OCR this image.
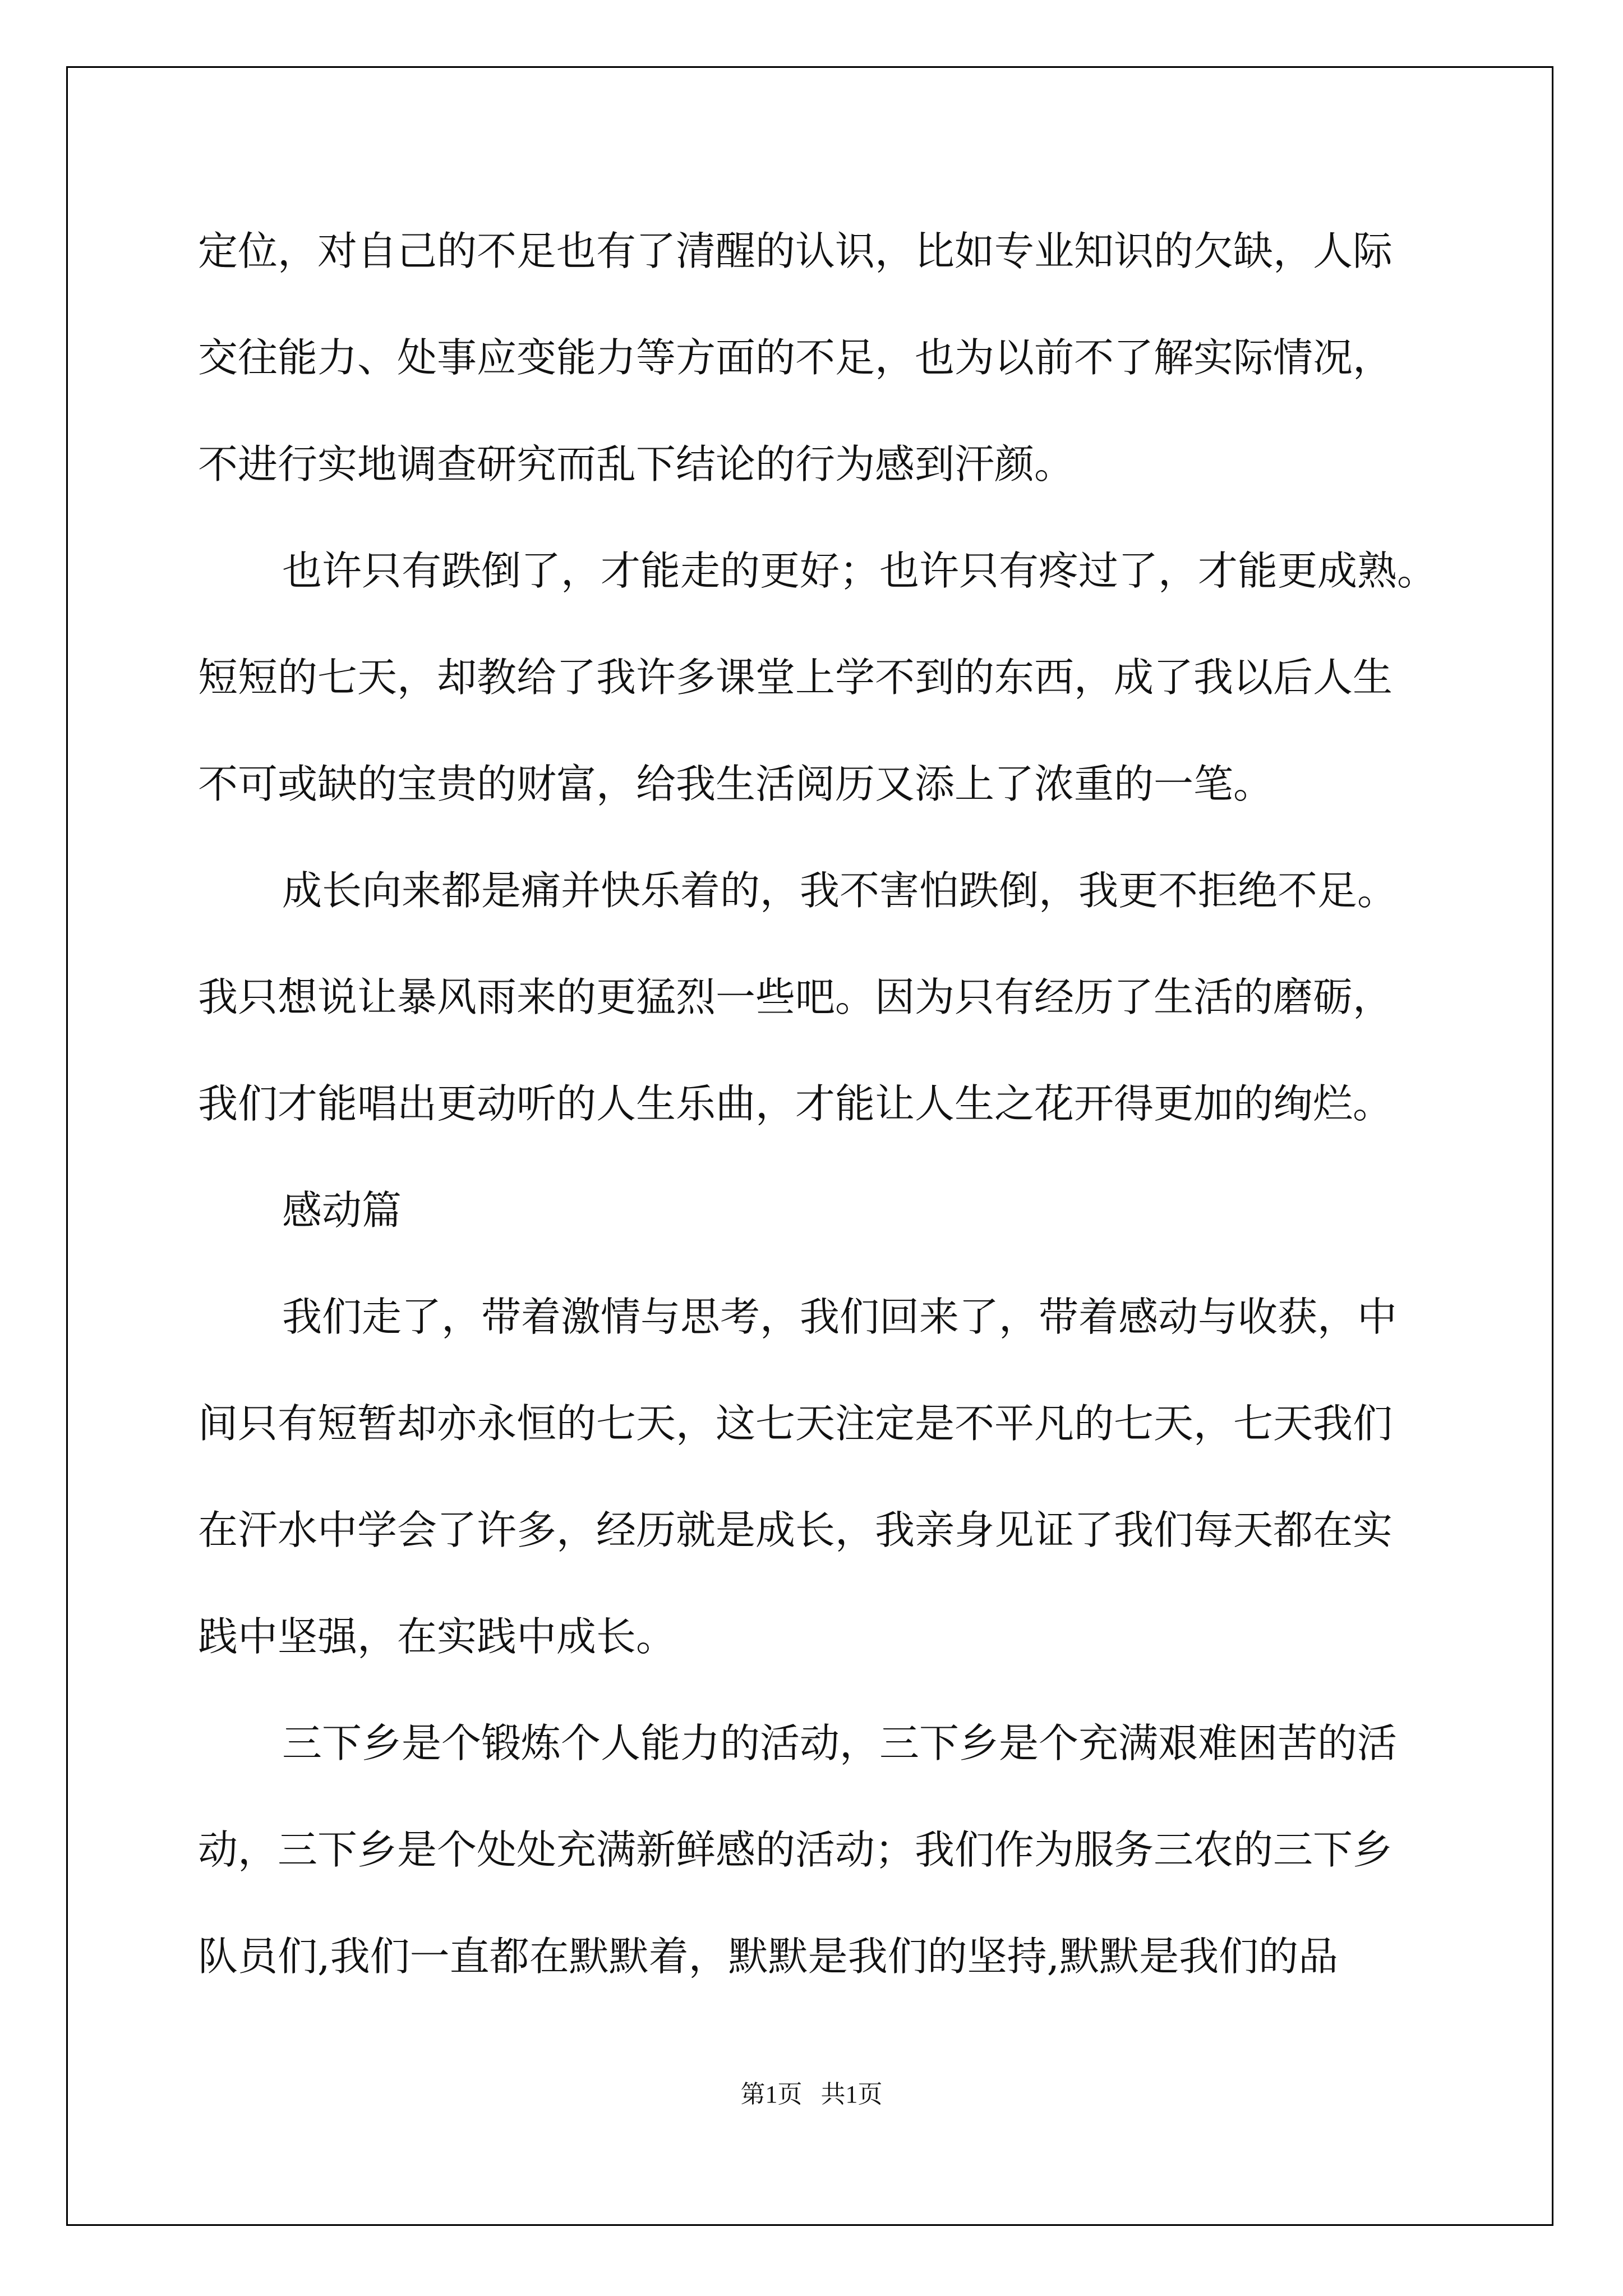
定位，对自己的不足也有了清醒的认识，比如专业知识的欠缺，人际

交往能力、处事应变能力等方面的不足，也为以前不了解实际情况，

不进行实地调查研究而乱下结论的行为感到汗颜。

也许只有跌倒了，才能走的更好；也许只有疼过了，才能更成熟。

短短的七天，却教给了我许多课堂上学不到的东西，成了我以后人生

不可或缺的宝贵的财富，给我生活阅历又添上了浓重的一笔。

成长向来都是痛并快乐着的，我不害怕跌倒，我更不拒绝不足。

我只想说让暴风雨来的更猛烈一些吧。因为只有经历了生活的磨砺，

我们才能唱出更动听的人生乐曲，才能让人生之花开得更加的绚烂。

感动篇

我们走了，带着激情与思考，我们回来了，带着感动与收获，中

间只有短暂却亦永恒的七天，这七天注定是不平凡的七天，七天我们

在汗水中学会了许多，经历就是成长，我亲身见证了我们每天都在实

践中坚强，在实践中成长。

三下乡是个锻炼个人能力的活动，三下乡是个充满艰难困苦的活

动，三下乡是个处处充满新鲜感的活动；我们作为服务三农的三下乡

队员们,我们一直都在默默着，默默是我们的坚持,默默是我们的品

第1页   共1页
